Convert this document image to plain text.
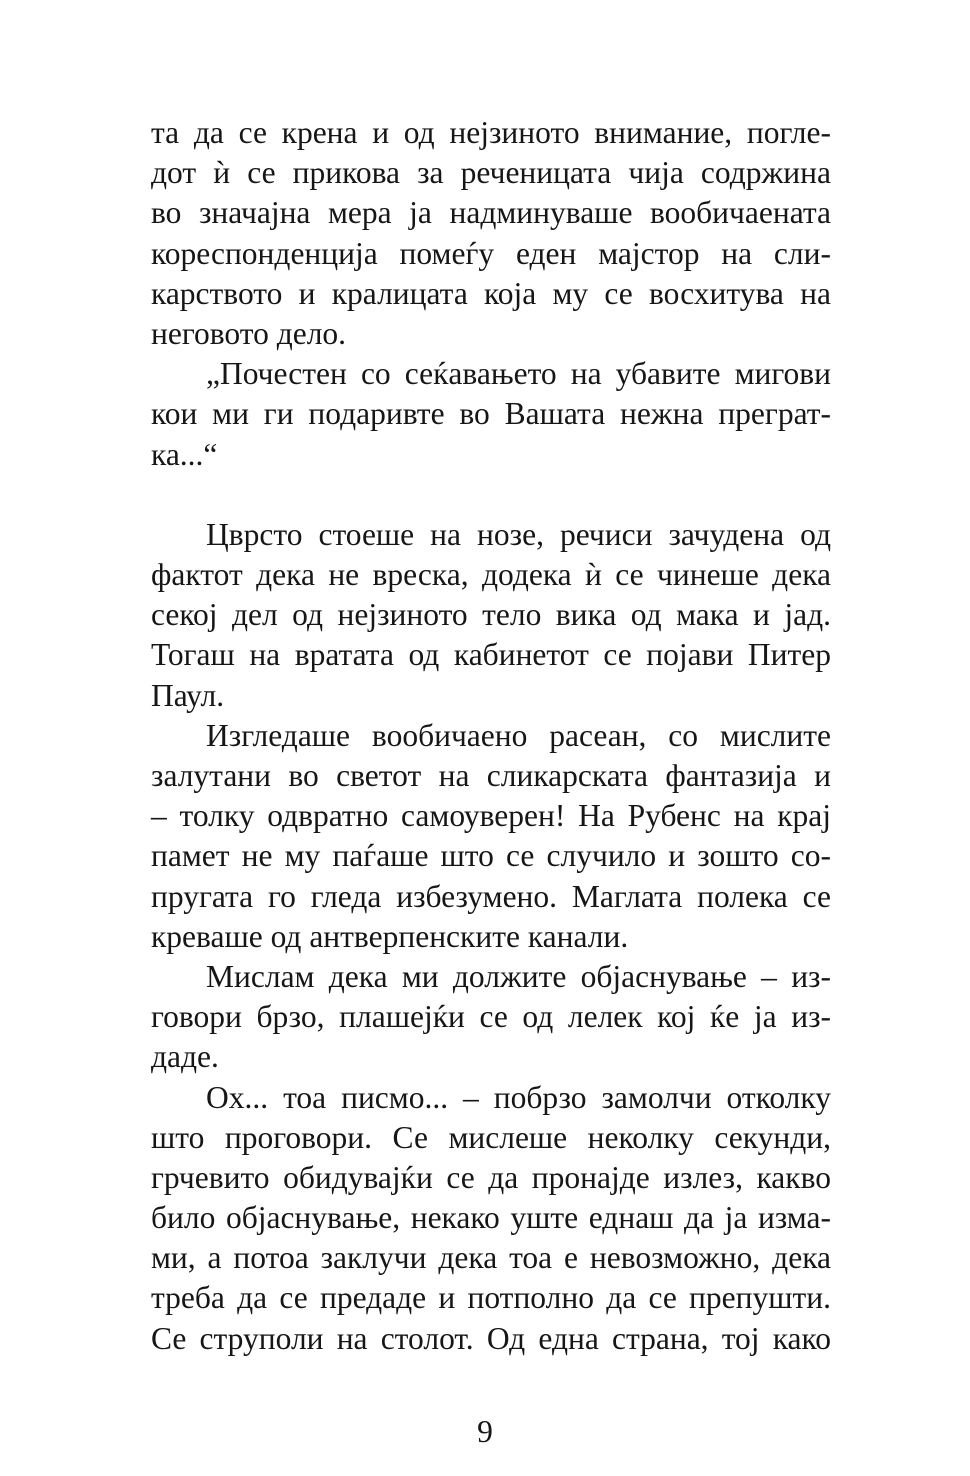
та да се крена и од нејзиното внимание, погле-
дот ѝ се прикова за реченицата чија содржина
во значајна мера ја надминуваше вообичаената
кореспонденција помеѓу еден мајстор на сли-
карството и кралицата која му се восхитува на
неговото дело.
„Почестен со сеќавањето на убавите мигови
кои ми ги подаривте во Вашата нежна преграт-
ка...“
Цврсто стоеше на нозе, речиси зачудена од
фактот дека не вреска, додека ѝ се чинеше дека
секој дел од нејзиното тело вика од мака и јад.
Тогаш на вратата од кабинетот се појави Питер
Паул.
Изгледаше вообичаено расеан, со мислите
залутани во светот на сликарската фантазија и
– толку одвратно самоуверен! На Рубенс на крај
памет не му паѓаше што се случило и зошто со-
пругата го гледа избезумено. Маглата полека се
креваше од антверпенските канали.
Мислам дека ми должите објаснување – из-
говори брзо, плашејќи се од лелек кој ќе ја из-
даде.
Ох... тоа писмо... – побрзо замолчи отколку
што проговори. Се мислеше неколку секунди,
грчевито обидувајќи се да пронајде излез, какво
било објаснување, некако уште еднаш да ја изма-
ми, а потоа заклучи дека тоа е невозможно, дека
треба да се предаде и потполно да се препушти.
Се струполи на столот. Од една страна, тој како
9
